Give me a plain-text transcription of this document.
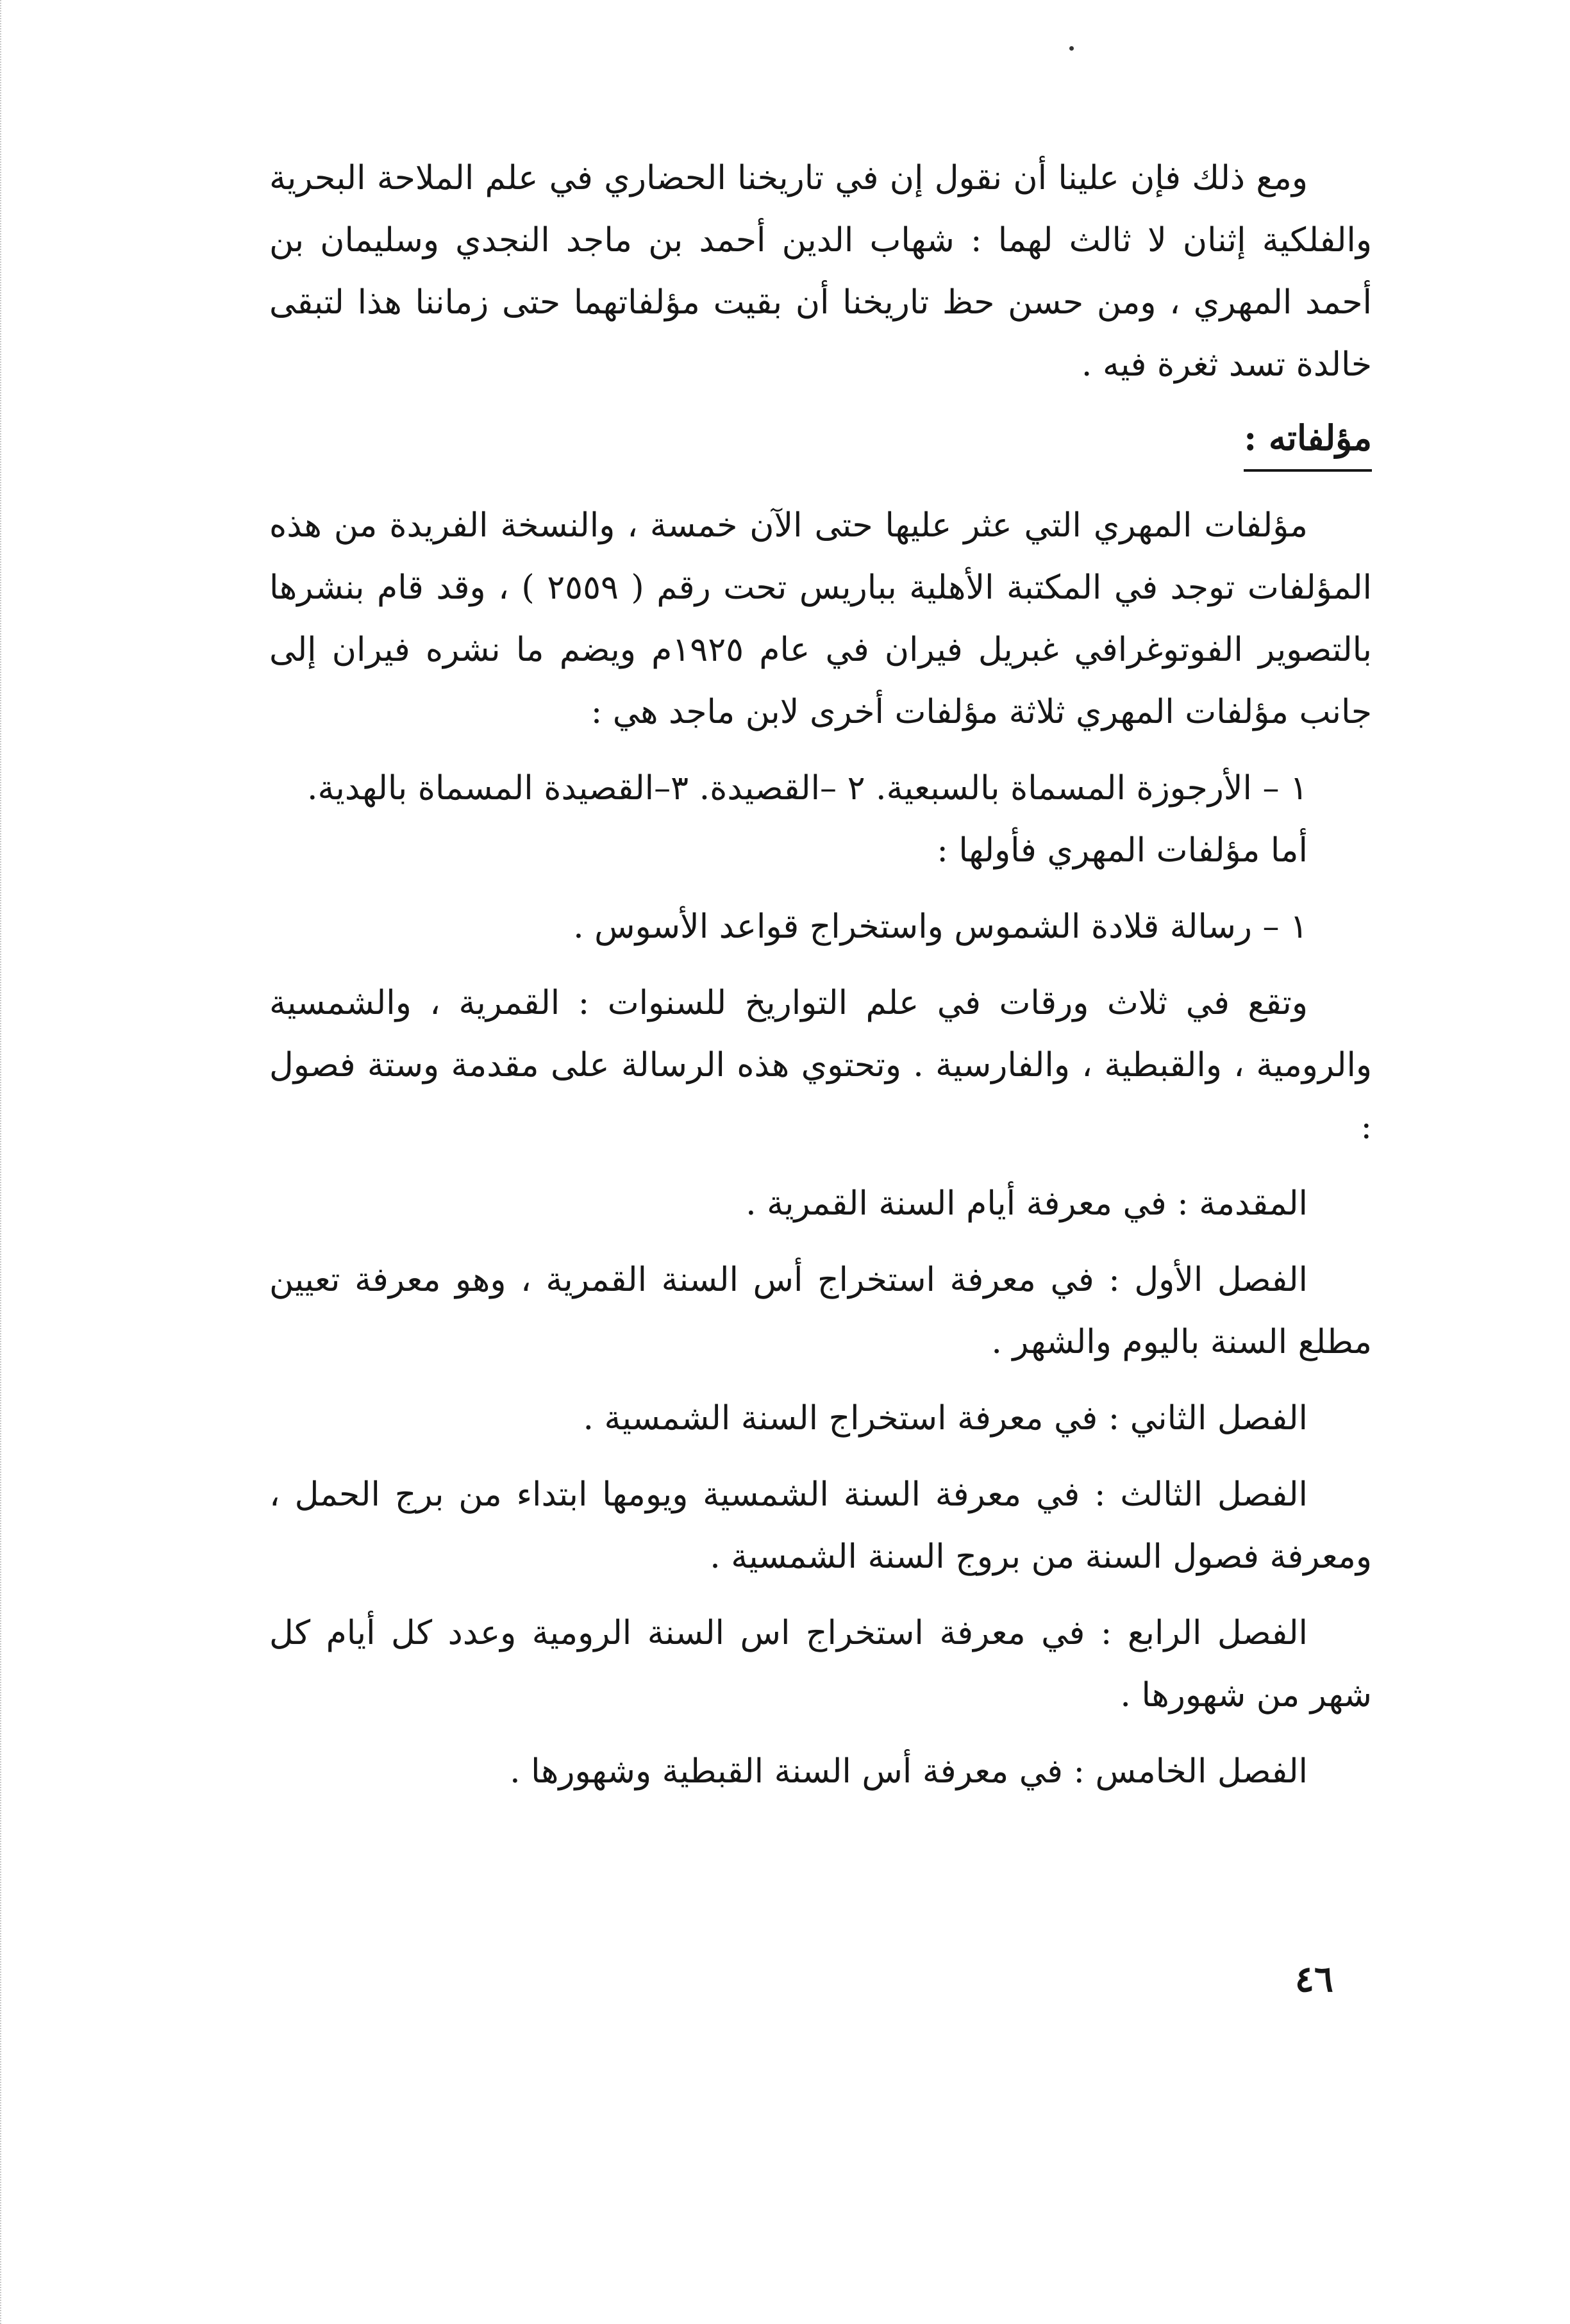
ومع ذلك فإن علينا أن نقول إن في تاريخنا الحضاري في علم الملاحة البحرية والفلكية إثنان لا ثالث لهما : شهاب الدين أحمد بن ماجد النجدي وسليمان بن أحمد المهري ، ومن حسن حظ تاريخنا أن بقيت مؤلفاتهما حتى زماننا هذا لتبقى خالدة تسد ثغرة فيه .

مؤلفاته :

مؤلفات المهري التي عثر عليها حتى الآن خمسة ، والنسخة الفريدة من هذه المؤلفات توجد في المكتبة الأهلية بباريس تحت رقم ( ٢٥٥٩ ) ، وقد قام بنشرها بالتصوير الفوتوغرافي غبريل فيران في عام ١٩٢٥م ويضم ما نشره فيران إلى جانب مؤلفات المهري ثلاثة مؤلفات أخرى لابن ماجد هي :

١ – الأرجوزة المسماة بالسبعية. ٢ –القصيدة. ٣–القصيدة المسماة بالهدية.

أما مؤلفات المهري فأولها :

١ – رسالة قلادة الشموس واستخراج قواعد الأسوس .

وتقع في ثلاث ورقات في علم التواريخ للسنوات : القمرية ، والشمسية والرومية ، والقبطية ، والفارسية . وتحتوي هذه الرسالة على مقدمة وستة فصول :

المقدمة : في معرفة أيام السنة القمرية .

الفصل الأول : في معرفة استخراج أس السنة القمرية ، وهو معرفة تعيين مطلع السنة باليوم والشهر .

الفصل الثاني : في معرفة استخراج السنة الشمسية .

الفصل الثالث : في معرفة السنة الشمسية ويومها ابتداء من برج الحمل ، ومعرفة فصول السنة من بروج السنة الشمسية .

الفصل الرابع : في معرفة استخراج اس السنة الرومية وعدد كل أيام كل شهر من شهورها .

الفصل الخامس : في معرفة أس السنة القبطية وشهورها .

٤٦
